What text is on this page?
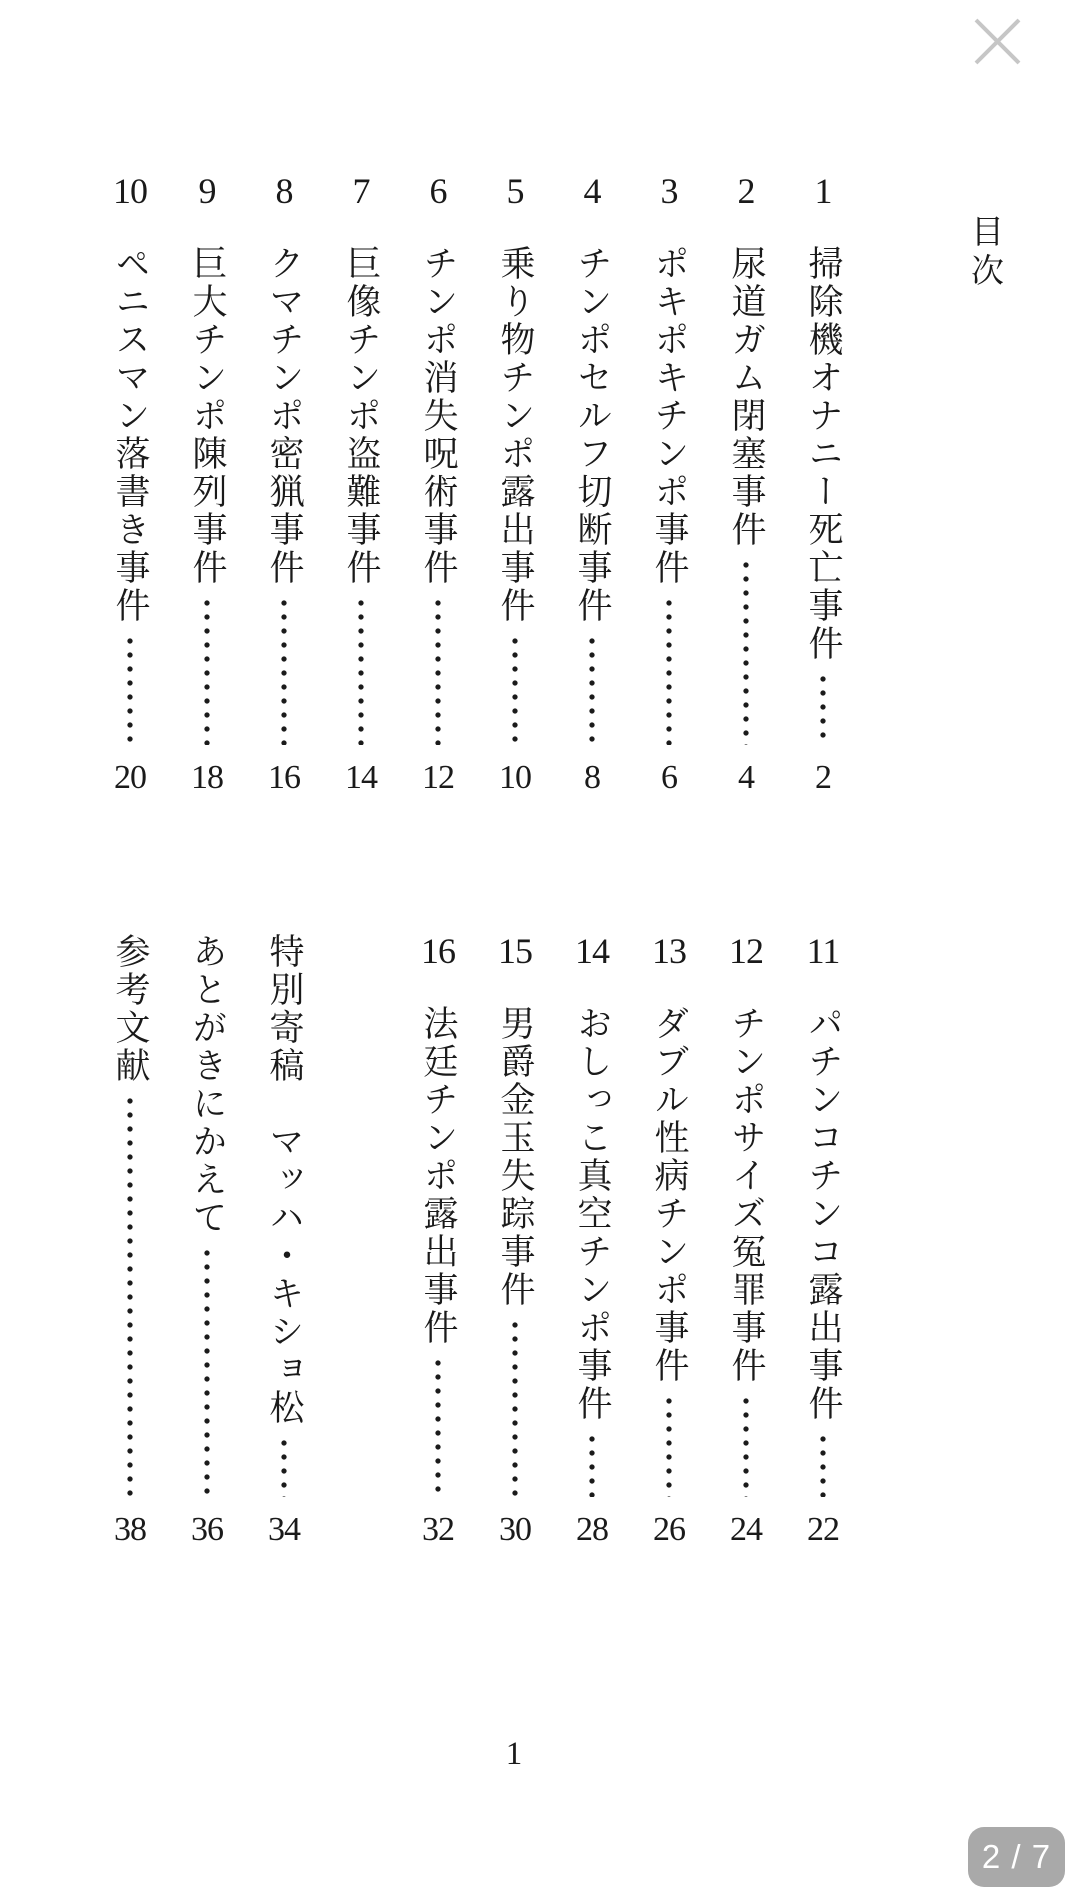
目次
1
掃除機オナニー死亡事件
2
2
尿道ガム閉塞事件
4
3
ポキポキチンポ事件
6
4
チンポセルフ切断事件
8
5
乗り物チンポ露出事件
10
6
チンポ消失呪術事件
12
7
巨像チンポ盗難事件
14
8
クマチンポ密猟事件
16
9
巨大チンポ陳列事件
18
10
ペニスマン落書き事件
20
11
パチンコチンコ露出事件
22
12
チンポサイズ冤罪事件
24
13
ダブル性病チンポ事件
26
14
おしっこ真空チンポ事件
28
15
男爵金玉失踪事件
30
16
法廷チンポ露出事件
32
特別寄稿　マッハ・キショ松
34
あとがきにかえて
36
参考文献
38
1
2 / 7
